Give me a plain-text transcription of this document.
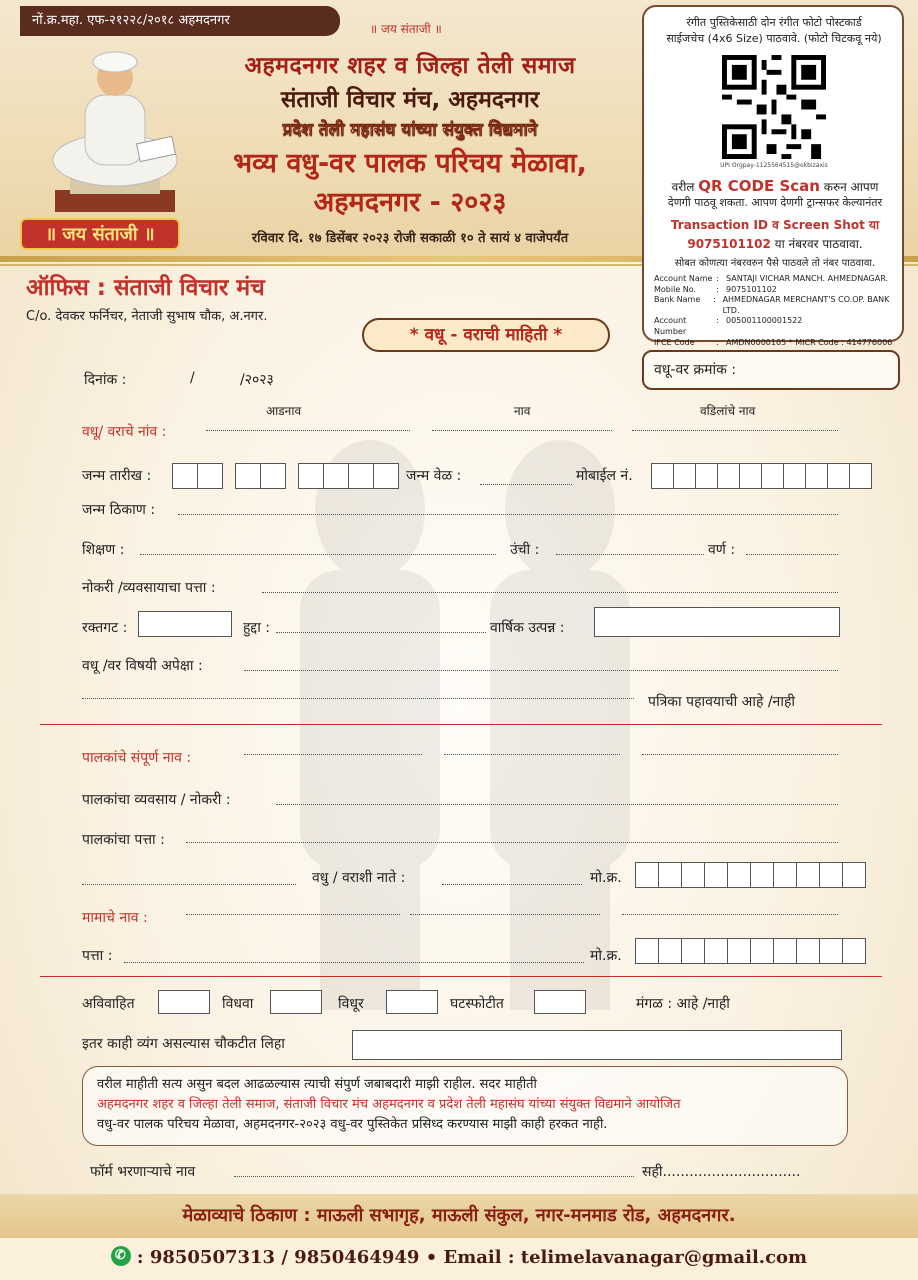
नों.क्र.महा. एफ-२१२२८/२०१८ अहमदनगर
॥ जय संताजी ॥
॥ जय संताजी ॥
अहमदनगर शहर व जिल्हा तेली समाज
संताजी विचार मंच, अहमदनगर
प्रदेश तेली महासंघ यांच्या संयुक्त विद्यमाने
भव्य वधु-वर पालक परिचय मेळावा,
अहमदनगर - २०२३
रविवार दि. १७ डिसेंबर २०२३ रोजी सकाळी १० ते सायं ४ वाजेपर्यंत
रंगीत पुस्तिकेसाठी दोन रंगीत फोटो पोस्टकार्ड
साईजचेच (4x6 Size) पाठवावे. (फोटो चिटकवू नये)
UPI Orgpay-1125564515@okbizaxis
वरील QR CODE Scan करुन आपण
देणगी पाठवू शकता. आपण देणगी ट्रान्सफर केल्यानंतर
Transaction ID व Screen Shot या
9075101102 या नंबरवर पाठवावा.
सोबत कोणत्या नंबरवरुन पैसे पाठवले तो नंबर पाठवावा.
Account Name : SANTAJI VICHAR MANCH. AHMEDNAGAR.
Mobile No.	: 9075101102
Bank Name	: AHMEDNAGAR MERCHANT'S CO.OP. BANK LTD.
Account Number
: 005001100001522
IFCE Code	: AMDN0000105 * MICR Code : 414776006
ऑफिस : संताजी विचार मंच
C/o. देवकर फर्निचर, नेताजी सुभाष चौक, अ.नगर.
* वधू - वराची माहिती *
वधू-वर क्रमांक :
दिनांक :	/	/२०२३
आडनाव	नाव	वडिलांचे नाव
वधू/ वराचे नांव :
जन्म तारीख :	जन्म वेळ :	मोबाईल नं.
जन्म ठिकाण :
शिक्षण :	उंची :	वर्ण :
नोकरी /व्यवसायाचा पत्ता :
रक्तगट :	हुद्दा :	वार्षिक उत्पन्न :
वधू /वर विषयी अपेक्षा :
पत्रिका पहावयाची आहे /नाही
पालकांचे संपूर्ण नाव :
पालकांचा व्यवसाय / नोकरी :
पालकांचा पत्ता :
वधु / वराशी नाते :	मो.क्र.
मामाचे नाव :
पत्ता :	मो.क्र.
अविवाहित	विधवा	विधूर	घटस्फोटीत	मंगळ : आहे /नाही
इतर काही व्यंग असल्यास चौकटीत लिहा
वरील माहीती सत्य असुन बदल आढळल्यास त्याची संपुर्ण जबाबदारी माझी राहील. सदर माहीती
अहमदनगर शहर व जिल्हा तेली समाज, संताजी विचार मंच अहमदनगर व प्रदेश तेली महासंघ यांच्या संयुक्त विद्यमाने आयोजित
वधु-वर पालक परिचय मेळावा, अहमदनगर-२०२३ वधु-वर पुस्तिकेत प्रसिध्द करण्यास माझी काही हरकत नाही.
फॉर्म भरणाऱ्याचे नाव	सही...............................
मेळाव्याचे ठिकाण : माऊली सभागृह, माऊली संकुल, नगर-मनमाड रोड, अहमदनगर.
✆: 9850507313 / 9850464949 • Email : telimelavanagar@gmail.com
